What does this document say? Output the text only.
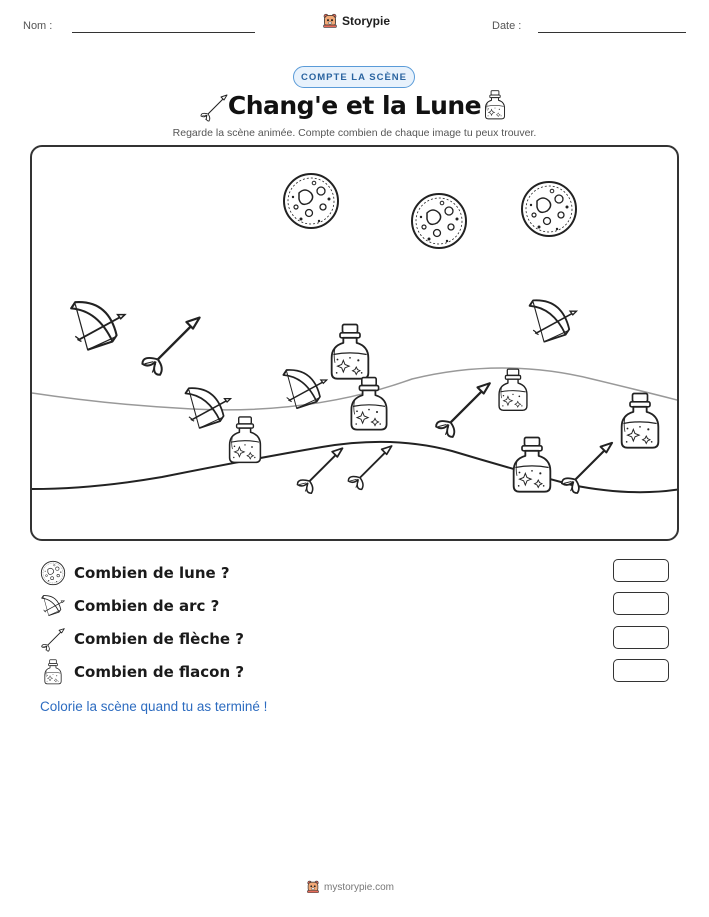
Nom :	Storypie	Date :
COMPTE LA SCÈNE
Chang'e et la Lune
Regarde la scène animée. Compte combien de chaque image tu peux trouver.
Combien de lune ?
Combien de arc ?
Combien de flèche ?
Combien de flacon ?
Colorie la scène quand tu as terminé !
mystorypie.com
